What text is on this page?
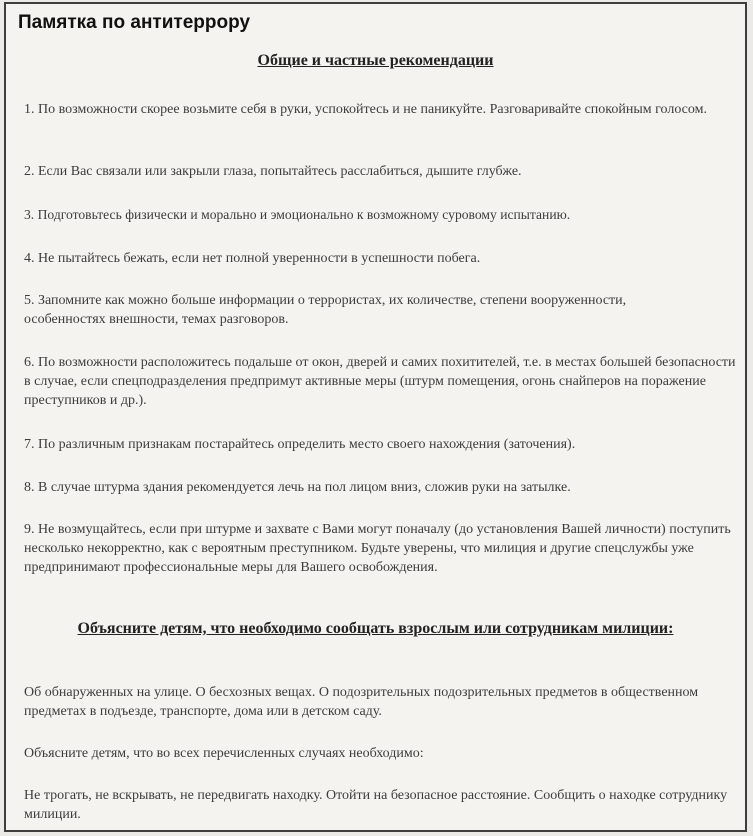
Памятка по антитеррору
Общие и частные рекомендации

1. По возможности скорее возьмите себя в руки, успокойтесь и не паникуйте. Разговаривайте спокойным голосом.

2. Если Вас связали или закрыли глаза, попытайтесь расслабиться, дышите глубже.

3. Подготовьтесь физически и морально и эмоционально к возможному суровому испытанию.

4. Не пытайтесь бежать, если нет полной уверенности в успешности побега.

5. Запомните как можно больше информации о террористах, их количестве, степени вооруженности, особенностях внешности, темах разговоров.

6. По возможности расположитесь подальше от окон, дверей и самих похитителей, т.е. в местах большей безопасности в случае, если спецподразделения предпримут активные меры (штурм помещения, огонь снайперов на поражение преступников и др.).

7. По различным признакам постарайтесь определить место своего нахождения (заточения).

8. В случае штурма здания рекомендуется лечь на пол лицом вниз, сложив руки на затылке.

9. Не возмущайтесь, если при штурме и захвате с Вами могут поначалу (до установления Вашей личности) поступить несколько некорректно, как с вероятным преступником. Будьте уверены, что милиция и другие спецслужбы уже предпринимают профессиональные меры для Вашего освобождения.

Объясните детям, что необходимо сообщать взрослым или сотрудникам милиции:

Об обнаруженных на улице. О бесхозных вещах. О подозрительных подозрительных предметов в общественном предметах в подъезде, транспорте, дома или в детском саду.

Объясните детям, что во всех перечисленных случаях необходимо:

Не трогать, не вскрывать, не передвигать находку. Отойти на безопасное расстояние. Сообщить о находке сотруднику милиции.
